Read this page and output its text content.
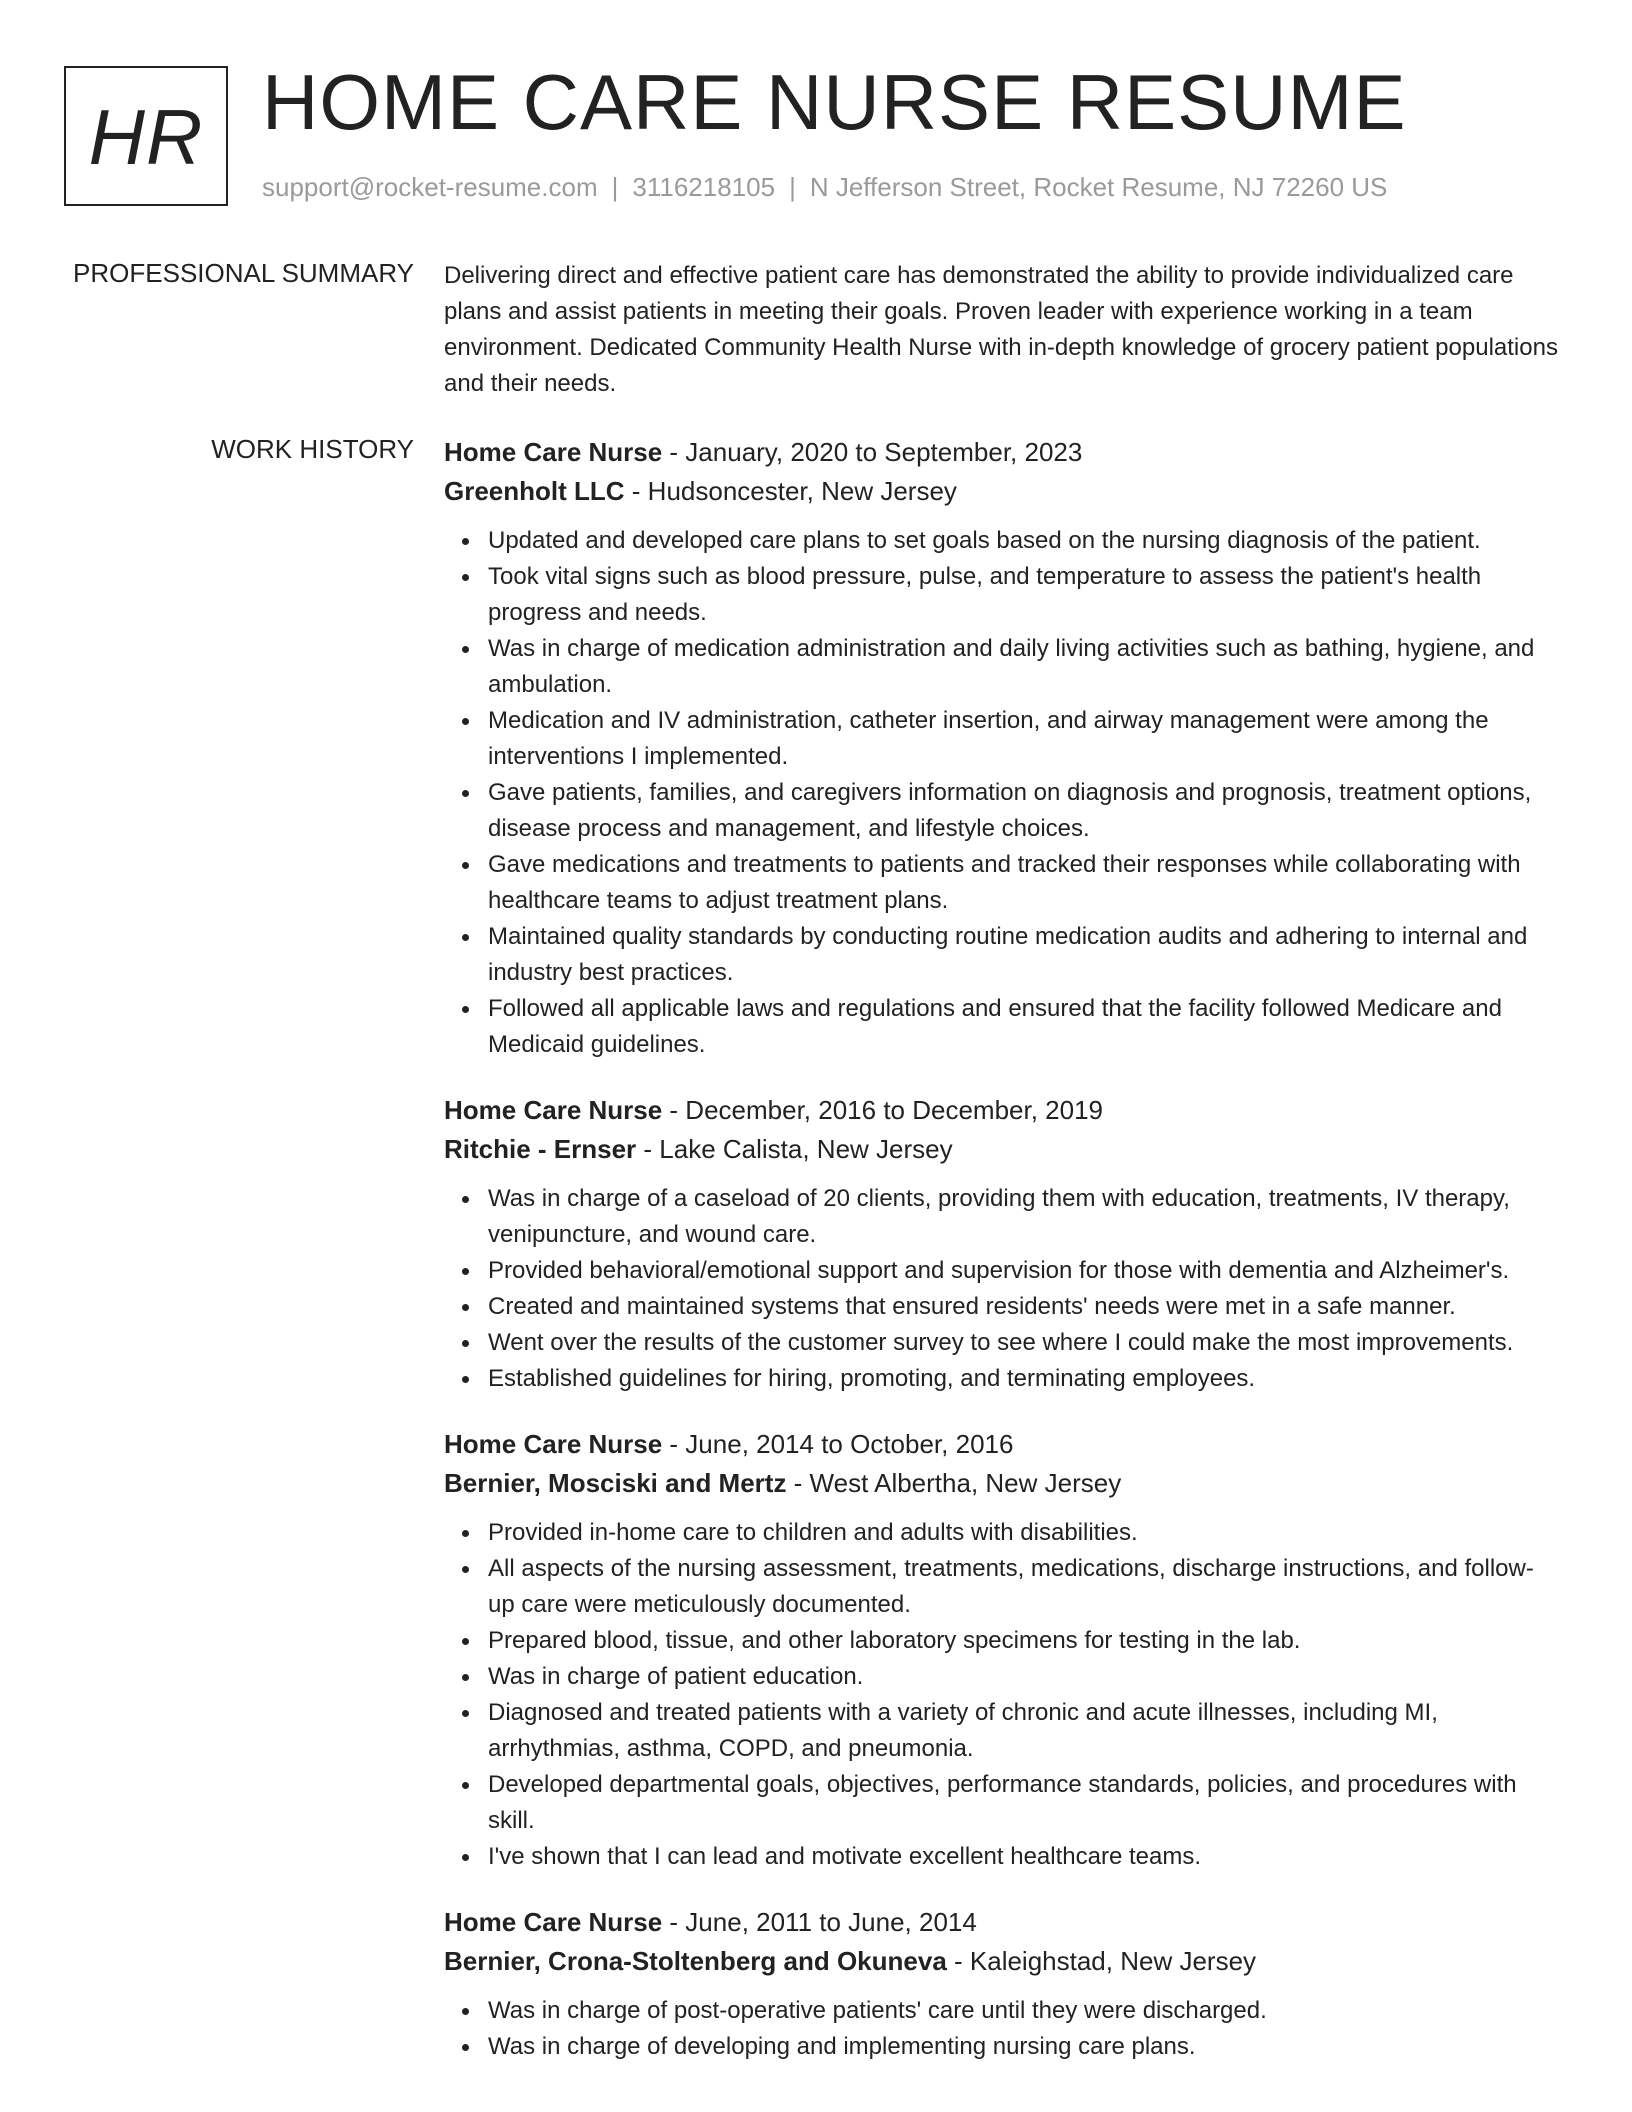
HR HOME CARE NURSE RESUME
support@rocket-resume.com | 3116218105 | N Jefferson Street, Rocket Resume, NJ 72260 US
PROFESSIONAL SUMMARY Delivering direct and effective patient care has demonstrated the ability to provide individualized care plans and assist patients in meeting their goals. Proven leader with experience working in a team environment. Dedicated Community Health Nurse with in-depth knowledge of grocery patient populations and their needs.

WORK HISTORY Home Care Nurse - January, 2020 to September, 2023
Greenholt LLC - Hudsoncester, New Jersey
Updated and developed care plans to set goals based on the nursing diagnosis of the patient.
Took vital signs such as blood pressure, pulse, and temperature to assess the patient's health progress and needs.
Was in charge of medication administration and daily living activities such as bathing, hygiene, and ambulation.
Medication and IV administration, catheter insertion, and airway management were among the interventions I implemented.
Gave patients, families, and caregivers information on diagnosis and prognosis, treatment options, disease process and management, and lifestyle choices.
Gave medications and treatments to patients and tracked their responses while collaborating with healthcare teams to adjust treatment plans.
Maintained quality standards by conducting routine medication audits and adhering to internal and industry best practices.
Followed all applicable laws and regulations and ensured that the facility followed Medicare and Medicaid guidelines.
Home Care Nurse - December, 2016 to December, 2019
Ritchie - Ernser - Lake Calista, New Jersey
Was in charge of a caseload of 20 clients, providing them with education, treatments, IV therapy, venipuncture, and wound care.
Provided behavioral/emotional support and supervision for those with dementia and Alzheimer's.
Created and maintained systems that ensured residents' needs were met in a safe manner.
Went over the results of the customer survey to see where I could make the most improvements.
Established guidelines for hiring, promoting, and terminating employees.
Home Care Nurse - June, 2014 to October, 2016
Bernier, Mosciski and Mertz - West Albertha, New Jersey
Provided in-home care to children and adults with disabilities.
All aspects of the nursing assessment, treatments, medications, discharge instructions, and follow-up care were meticulously documented.
Prepared blood, tissue, and other laboratory specimens for testing in the lab.
Was in charge of patient education.
Diagnosed and treated patients with a variety of chronic and acute illnesses, including MI, arrhythmias, asthma, COPD, and pneumonia.
Developed departmental goals, objectives, performance standards, policies, and procedures with skill.
I've shown that I can lead and motivate excellent healthcare teams.
Home Care Nurse - June, 2011 to June, 2014
Bernier, Crona-Stoltenberg and Okuneva - Kaleighstad, New Jersey
Was in charge of post-operative patients' care until they were discharged.
Was in charge of developing and implementing nursing care plans.
